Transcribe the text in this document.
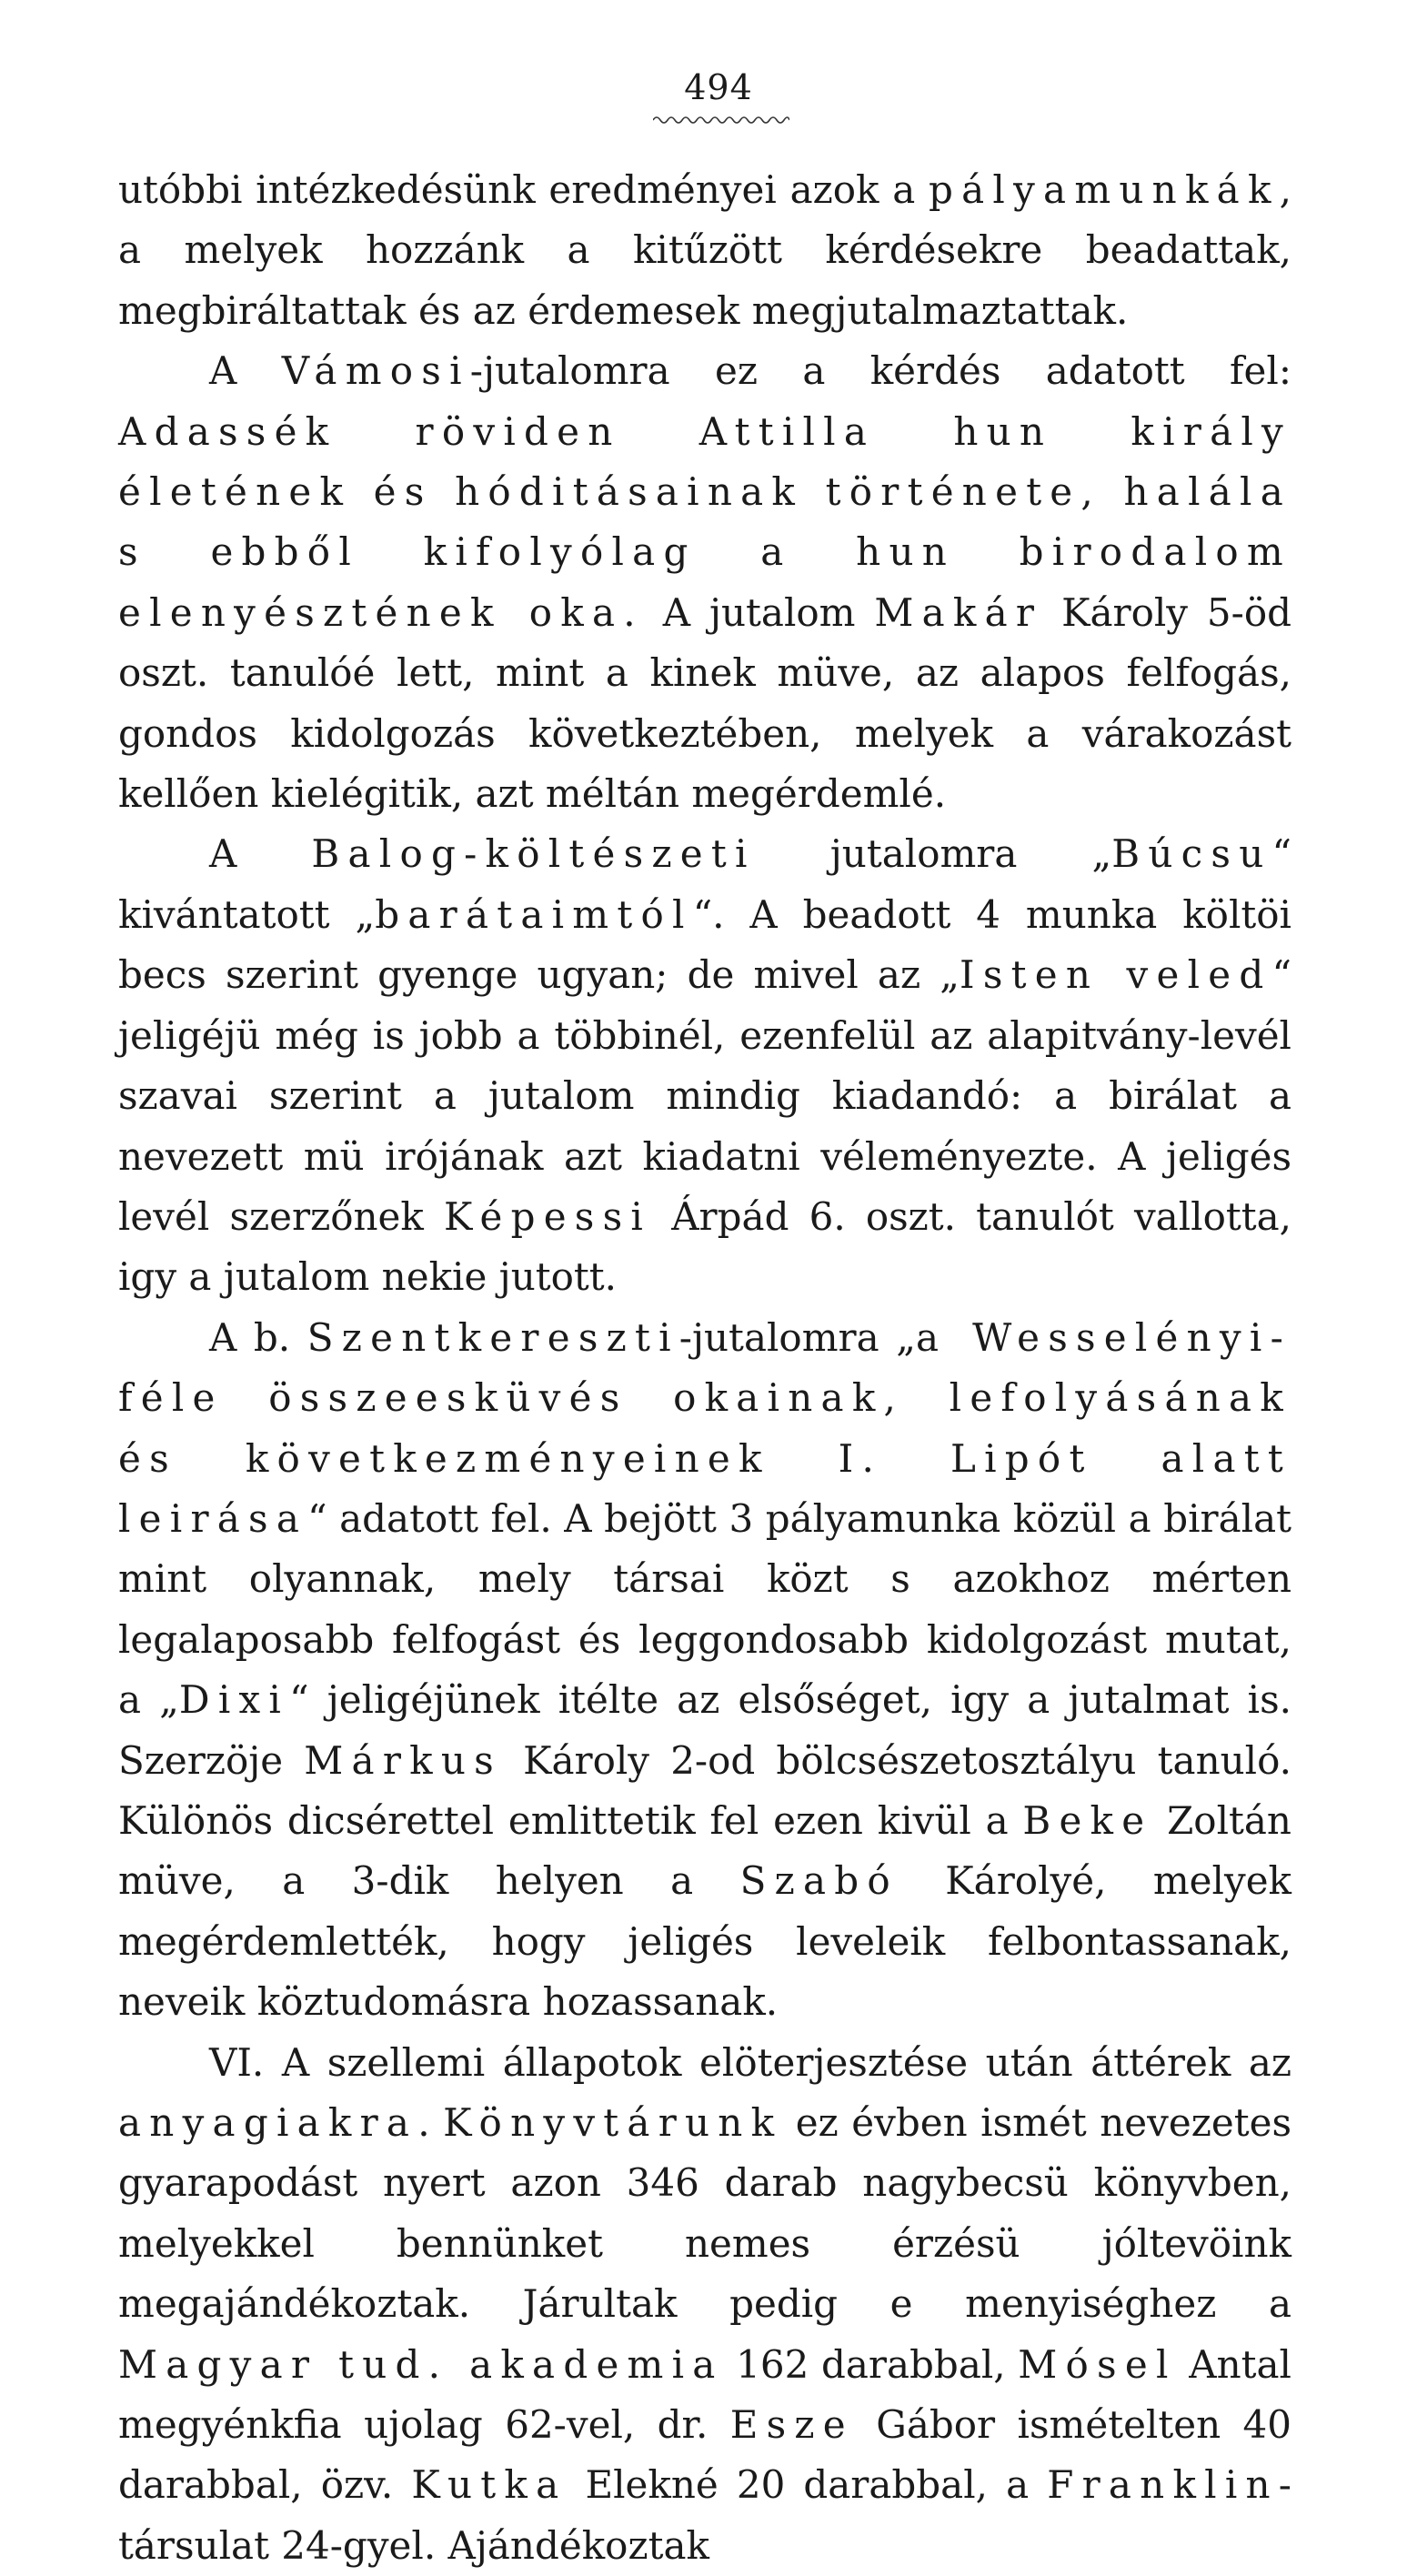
494

utóbbi intézkedésünk eredményei azok a pályamunkák, a melyek hozzánk a kitűzött kérdésekre beadattak, megbiráltattak és az érdemesek megjutalmaztattak.

A Vámosi-jutalomra ez a kérdés adatott fel: Adassék röviden Attilla hun király életének és hóditásainak története, halála s ebből kifolyólag a hun birodalom elenyésztének oka. A jutalom Makár Károly 5-öd oszt. tanulóé lett, mint a kinek müve, az alapos felfogás, gondos kidolgozás következtében, melyek a várakozást kellően kielégitik, azt méltán megérdemlé.

A Balog-költészeti jutalomra „Búcsu“ kivántatott „barátaimtól“. A beadott 4 munka költöi becs szerint gyenge ugyan; de mivel az „Isten veled“ jeligéjü még is jobb a többinél, ezenfelül az alapitvány-levél szavai szerint a jutalom mindig kiadandó: a birálat a nevezett mü irójának azt kiadatni véleményezte. A jeligés levél szerzőnek Képessi Árpád 6. oszt. tanulót vallotta, igy a jutalom nekie jutott.

A b. Szentkereszti-jutalomra „a Wesselényi-féle összeesküvés okainak, lefolyásának és következményeinek I. Lipót alatt leirása“ adatott fel. A bejött 3 pályamunka közül a birálat mint olyannak, mely társai közt s azokhoz mérten legalaposabb felfogást és leggondosabb kidolgozást mutat, a „Dixi“ jeligéjünek itélte az elsőséget, igy a jutalmat is. Szerzöje Márkus Károly 2-od bölcsészetosztályu tanuló. Különös dicsérettel emlittetik fel ezen kivül a Beke Zoltán müve, a 3-dik helyen a Szabó Károlyé, melyek megérdemlették, hogy jeligés leveleik felbontassanak, neveik köztudomásra hozassanak.

VI. A szellemi állapotok elöterjesztése után áttérek az anyagiakra. Könyvtárunk ez évben ismét nevezetes gyarapodást nyert azon 346 darab nagybecsü könyvben, melyekkel bennünket nemes érzésü jóltevöink megajándékoztak. Járultak pedig e menyiséghez a Magyar tud. akademia 162 darabbal, Mósel Antal megyénkfia ujolag 62-vel, dr. Esze Gábor ismételten 40 darabbal, özv. Kutka Elekné 20 darabbal, a Franklin-társulat 24-gyel. Ajándékoztak
